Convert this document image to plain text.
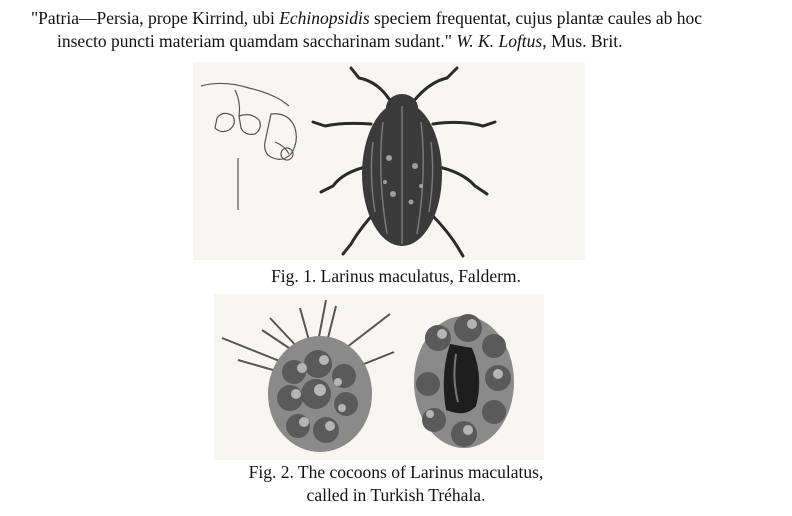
"Patria—Persia, prope Kirrind, ubi Echinopsidis speciem frequentat, cujus plantæ caules ab hoc
insecto puncti materiam quamdam saccharinam sudant." W. K. Loftus, Mus. Brit.
Fig. 1. Larinus maculatus, Falderm.
Fig. 2. The cocoons of Larinus maculatus,
called in Turkish Tréhala.
